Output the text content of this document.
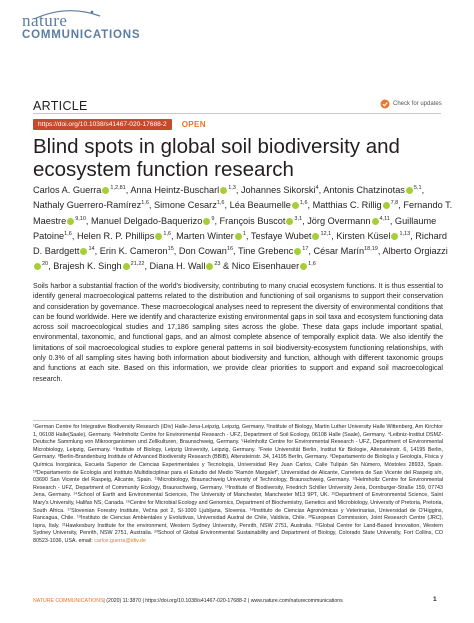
nature
COMMUNICATIONS
ARTICLE	Check for updates
https://doi.org/10.1038/s41467-020-17688-2	OPEN
Blind spots in global soil biodiversity and ecosystem function research
Carlos A. Guerra $^{1,2,81}$, Anna Heintz-Buscharl $^{1,3}$, Johannes Sikorski$^4$, Antonis Chatzinotas $^{5,1}$, Nathaly Guerrero-Ramírez$^{1,6}$, Simone Cesarz$^{1,6}$, Léa Beaumelle $^{1,6}$, Matthias C. Rillig $^{7,8}$, Fernando T. Maestre $^{9,10}$, Manuel Delgado-Baquerizo $^9$, François Buscot $^{3,1}$, Jörg Overmann $^{4,11}$, Guillaume Patoine$^{1,6}$, Helen R. P. Phillips $^{1,6}$, Marten Winter $^1$, Tesfaye Wubet $^{12,1}$, Kirsten Küsel $^{1,13}$, Richard D. Bardgett $^{14}$, Erin K. Cameron$^{15}$, Don Cowan$^{16}$, Tine Grebenc $^{17}$, César Marín$^{18,19}$, Alberto Orgiazzi$^{20}$, Brajesh K. Singh $^{21,22}$, Diana H. Wall $^{23}$ & Nico Eisenhauer $^{1,6}$
Soils harbor a substantial fraction of the world's biodiversity, contributing to many crucial ecosystem functions. It is thus essential to identify general macroecological patterns related to the distribution and functioning of soil organisms to support their conservation and consideration by governance. These macroecological analyses need to represent the diversity of environmental conditions that can be found worldwide. Here we identify and characterize existing environmental gaps in soil taxa and ecosystem functioning data across soil macroecological studies and 17,186 sampling sites across the globe. These data gaps include important spatial, environmental, taxonomic, and functional gaps, and an almost complete absence of temporally explicit data. We also identify the limitations of soil macroecological studies to explore general patterns in soil biodiversity-ecosystem functioning relationships, with only 0.3% of all sampling sites having both information about biodiversity and function, although with different taxonomic groups and functions at each site. Based on this information, we provide clear priorities to support and expand soil macroecological research.
¹German Centre for Integrative Biodiversity Research (iDiv) Halle-Jena-Leipzig, Leipzig, Germany. ²Institute of Biology, Martin Luther University Halle Wittenberg, Am Kirchtor 1, 06108 Halle(Saale), Germany. ³Helmholtz Centre for Environmental Research - UFZ, Department of Soil Ecology, 06108 Halle (Saale), Germany. ⁴Leibniz-Institut DSMZ-Deutsche Sammlung von Mikroorganismen und Zellkulturen, Braunschweig, Germany. ⁵Helmholtz Centre for Environmental Research - UFZ, Department of Environmental Microbiology, Leipzig, Germany. ⁶Institute of Biology, Leipzig University, Leipzig, Germany. ⁷Freie Universität Berlin, Institut für Biologie, Altensteinstr. 6, 14195 Berlin, Germany. ⁸Berlin-Brandenburg Institute of Advanced Biodiversity Research (BBIB), Altensteinstr. 34, 14195 Berlin, Germany. ⁹Departamento de Biología y Geología, Física y Química Inorgánica, Escuela Superior de Ciencias Experimentales y Tecnología, Universidad Rey Juan Carlos, Calle Tulipán Sin Número, Móstoles 28933, Spain. ¹⁰Departamento de Ecología and Instituto Multidisciplinar para el Estudio del Medio “Ramón Margalef”, Universidad de Alicante, Carretera de San Vicente del Raspeig s/n, 03690 San Vicente del Raspeig, Alicante, Spain. ¹¹Microbiology, Braunschweig University of Technology, Braunschweig, Germany. ¹²Helmholtz Centre for Environmental Research - UFZ, Department of Community Ecology, Braunschweig, Germany. ¹³Institute of Biodiversity, Friedrich Schiller University Jena, Dornburger-Straße 159, 07743 Jena, Germany. ¹⁴School of Earth and Environmental Sciences, The University of Manchester, Manchester M13 9PT, UK. ¹⁵Department of Environmental Science, Saint Mary's University, Halifax NS, Canada. ¹⁶Centre for Microbial Ecology and Genomics, Department of Biochemistry, Genetics and Microbiology, University of Pretoria, Pretoria, South Africa. ¹⁷Slovenian Forestry Institute, Večna pot 2, SI-1000 Ljubljana, Slovenia. ¹⁸Instituto de Ciencias Agronómicas y Veterinarias, Universidad de O'Higgins, Rancagua, Chile. ¹⁹Instituto de Ciencias Ambientales y Evolutivas, Universidad Austral de Chile, Valdivia, Chile. ²⁰European Commission, Joint Research Centre (JRC), Ispra, Italy. ²¹Hawkesbury Institute for the environment, Western Sydney University, Penrith, NSW 2751, Australia. ²²Global Centre for Land-Based Innovation, Western Sydney University, Penrith, NSW 2751, Australia. ²³School of Global Environmental Sustainability and Department of Biology, Colorado State University, Fort Collins, CO 80523-1036, USA. email: carlos.guerra@idiv.de
NATURE COMMUNICATIONS | (2020) 11:3870 | https://doi.org/10.1038/s41467-020-17688-2 | www.nature.com/naturecommunications	1
